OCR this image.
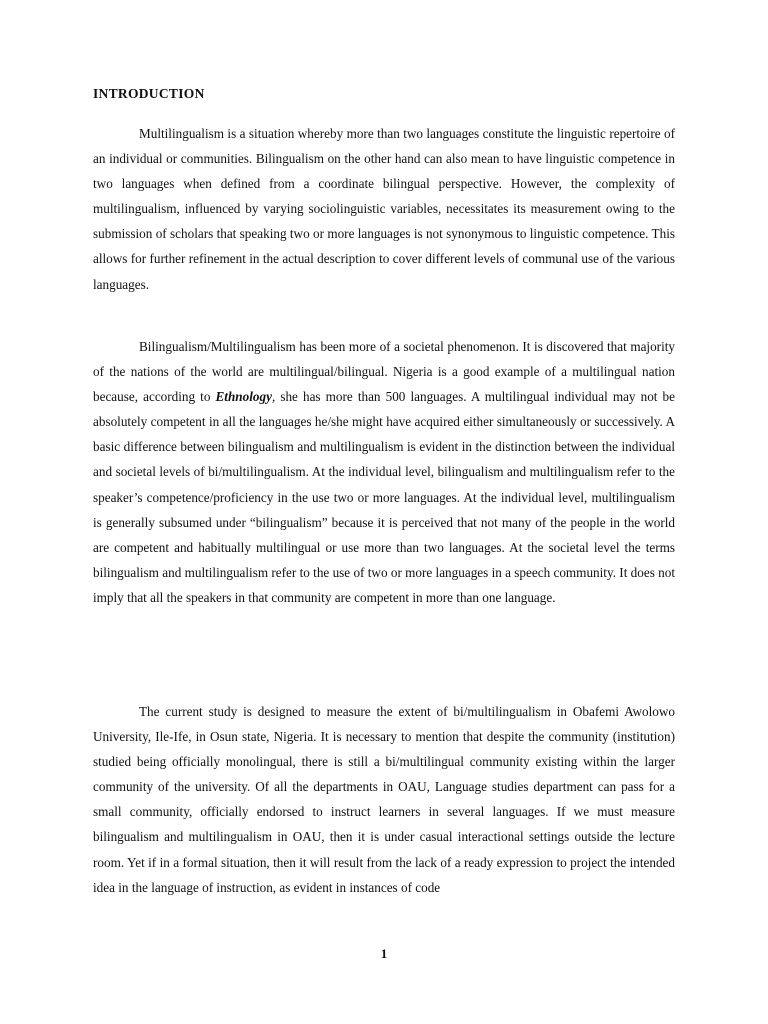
INTRODUCTION

Multilingualism is a situation whereby more than two languages constitute the linguistic repertoire of an individual or communities. Bilingualism on the other hand can also mean to have linguistic competence in two languages when defined from a coordinate bilingual perspective. However, the complexity of multilingualism, influenced by varying sociolinguistic variables, necessitates its measurement owing to the submission of scholars that speaking two or more languages is not synonymous to linguistic competence. This allows for further refinement in the actual description to cover different levels of communal use of the various languages.

Bilingualism/Multilingualism has been more of a societal phenomenon. It is discovered that majority of the nations of the world are multilingual/bilingual. Nigeria is a good example of a multilingual nation because, according to Ethnology, she has more than 500 languages. A multilingual individual may not be absolutely competent in all the languages he/she might have acquired either simultaneously or successively. A basic difference between bilingualism and multilingualism is evident in the distinction between the individual and societal levels of bi/multilingualism. At the individual level, bilingualism and multilingualism refer to the speaker’s competence/proficiency in the use two or more languages. At the individual level, multilingualism is generally subsumed under “bilingualism” because it is perceived that not many of the people in the world are competent and habitually multilingual or use more than two languages. At the societal level the terms bilingualism and multilingualism refer to the use of two or more languages in a speech community. It does not imply that all the speakers in that community are competent in more than one language.

The current study is designed to measure the extent of bi/multilingualism in Obafemi Awolowo University, Ile-Ife, in Osun state, Nigeria. It is necessary to mention that despite the community (institution) studied being officially monolingual, there is still a bi/multilingual community existing within the larger community of the university. Of all the departments in OAU, Language studies department can pass for a small community, officially endorsed to instruct learners in several languages. If we must measure bilingualism and multilingualism in OAU, then it is under casual interactional settings outside the lecture room. Yet if in a formal situation, then it will result from the lack of a ready expression to project the intended idea in the language of instruction, as evident in instances of code

1
